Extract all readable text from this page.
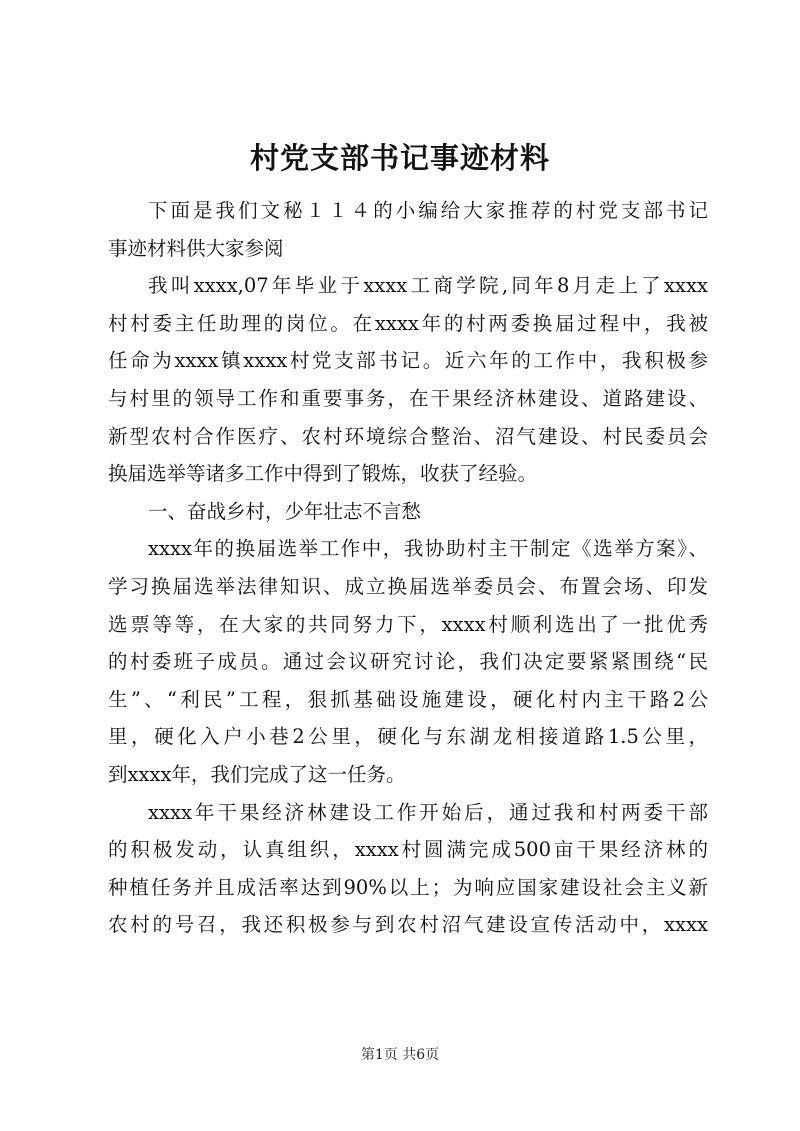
村党支部书记事迹材料

下面是我们文秘１１４的小编给大家推荐的村党支部书记
事迹材料供大家参阅

我叫xxxx,07年毕业于xxxx工商学院,同年8月走上了xxxx
村村委主任助理的岗位。在xxxx年的村两委换届过程中，我被
任命为xxxx镇xxxx村党支部书记。近六年的工作中，我积极参
与村里的领导工作和重要事务，在干果经济林建设、道路建设、
新型农村合作医疗、农村环境综合整治、沼气建设、村民委员会
换届选举等诸多工作中得到了锻炼，收获了经验。

一、奋战乡村，少年壮志不言愁

xxxx年的换届选举工作中，我协助村主干制定《选举方案》、
学习换届选举法律知识、成立换届选举委员会、布置会场、印发
选票等等，在大家的共同努力下，xxxx村顺利选出了一批优秀
的村委班子成员。通过会议研究讨论，我们决定要紧紧围绕“民
生”、“利民”工程，狠抓基础设施建设，硬化村内主干路2公
里，硬化入户小巷2公里，硬化与东湖龙相接道路1.5公里，
到xxxx年，我们完成了这一任务。

xxxx年干果经济林建设工作开始后，通过我和村两委干部
的积极发动，认真组织，xxxx村圆满完成500亩干果经济林的
种植任务并且成活率达到90%以上；为响应国家建设社会主义新
农村的号召，我还积极参与到农村沼气建设宣传活动中，xxxx

第1页 共6页
